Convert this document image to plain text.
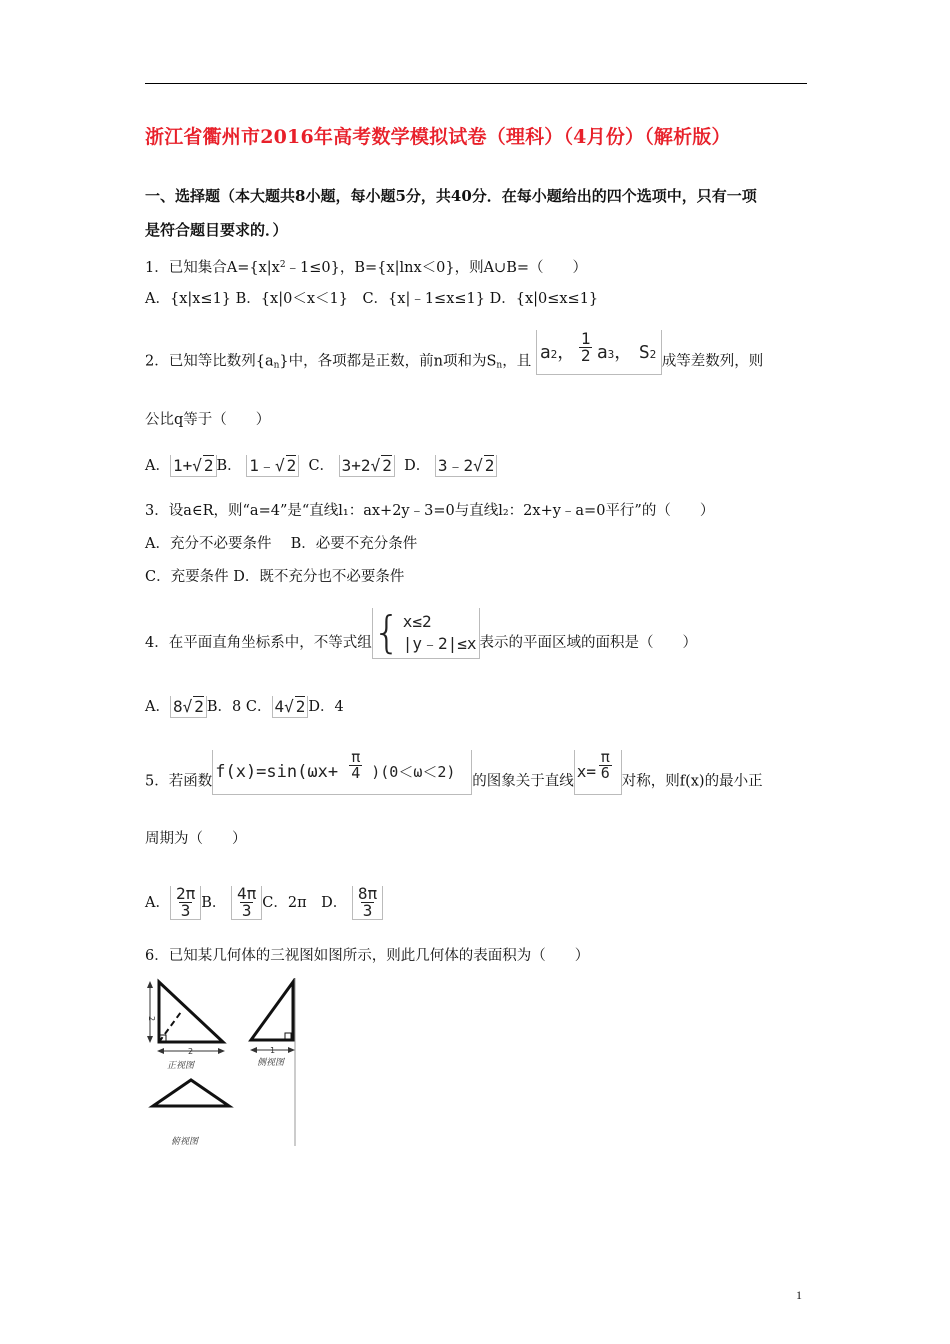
浙江省衢州市2016年高考数学模拟试卷（理科）（4月份）（解析版）
一、选择题（本大题共8小题，每小题5分，共40分．在每小题给出的四个选项中，只有一项
是符合题目要求的．）
1．已知集合$A=\{x|x^2﹣1\le 0\}$，B={x|lnx＜0}，则A∪B=（　　）
A．{x|x≤1} B．{x|0＜x＜1}　C．{x|﹣1≤x≤1} D．{x|0≤x≤1}
2．已知等比数列$\{a_n\}$中，各项都是正数，前n项和为$S_n$，且 a2， $\frac{1}{2} a3$， S2 成等差数列，则
公比q等于（　　）
A． 1+√ 2 B． 1﹣√ 2 C． 3+2√ 2 D． 3﹣2√ 2
3．设a∈R，则“a=4”是“直线l₁：ax+2y﹣3=0与直线l₂：2x+y﹣a=0平行”的（　　）
A．充分不必要条件　 B．必要不充分条件
C．充要条件 D．既不充分也不必要条件
4．在平面直角坐标系中，不等式组 { x≤2
|y﹣2|≤x 表示的平面区域的面积是（　　）
A． 8√ 2 B．8 C． 4√ 2 D．4
5．若函数 $f(x)=\sin(\omega x+ \frac{\pi}{4} )(0<\omega<2)$
的图象关于直线
$x= \frac{\pi}{6}$
对称，则f(x)的最小正
周期为（　　）
A． $\frac{2\pi}{3}$ B． $\frac{4\pi}{3}$ C．2π　D． $\frac{8\pi}{3}$
6．已知某几何体的三视图如图所示，则此几何体的表面积为（　　）
2
2
正视图
1
侧视图
俯视图
1
